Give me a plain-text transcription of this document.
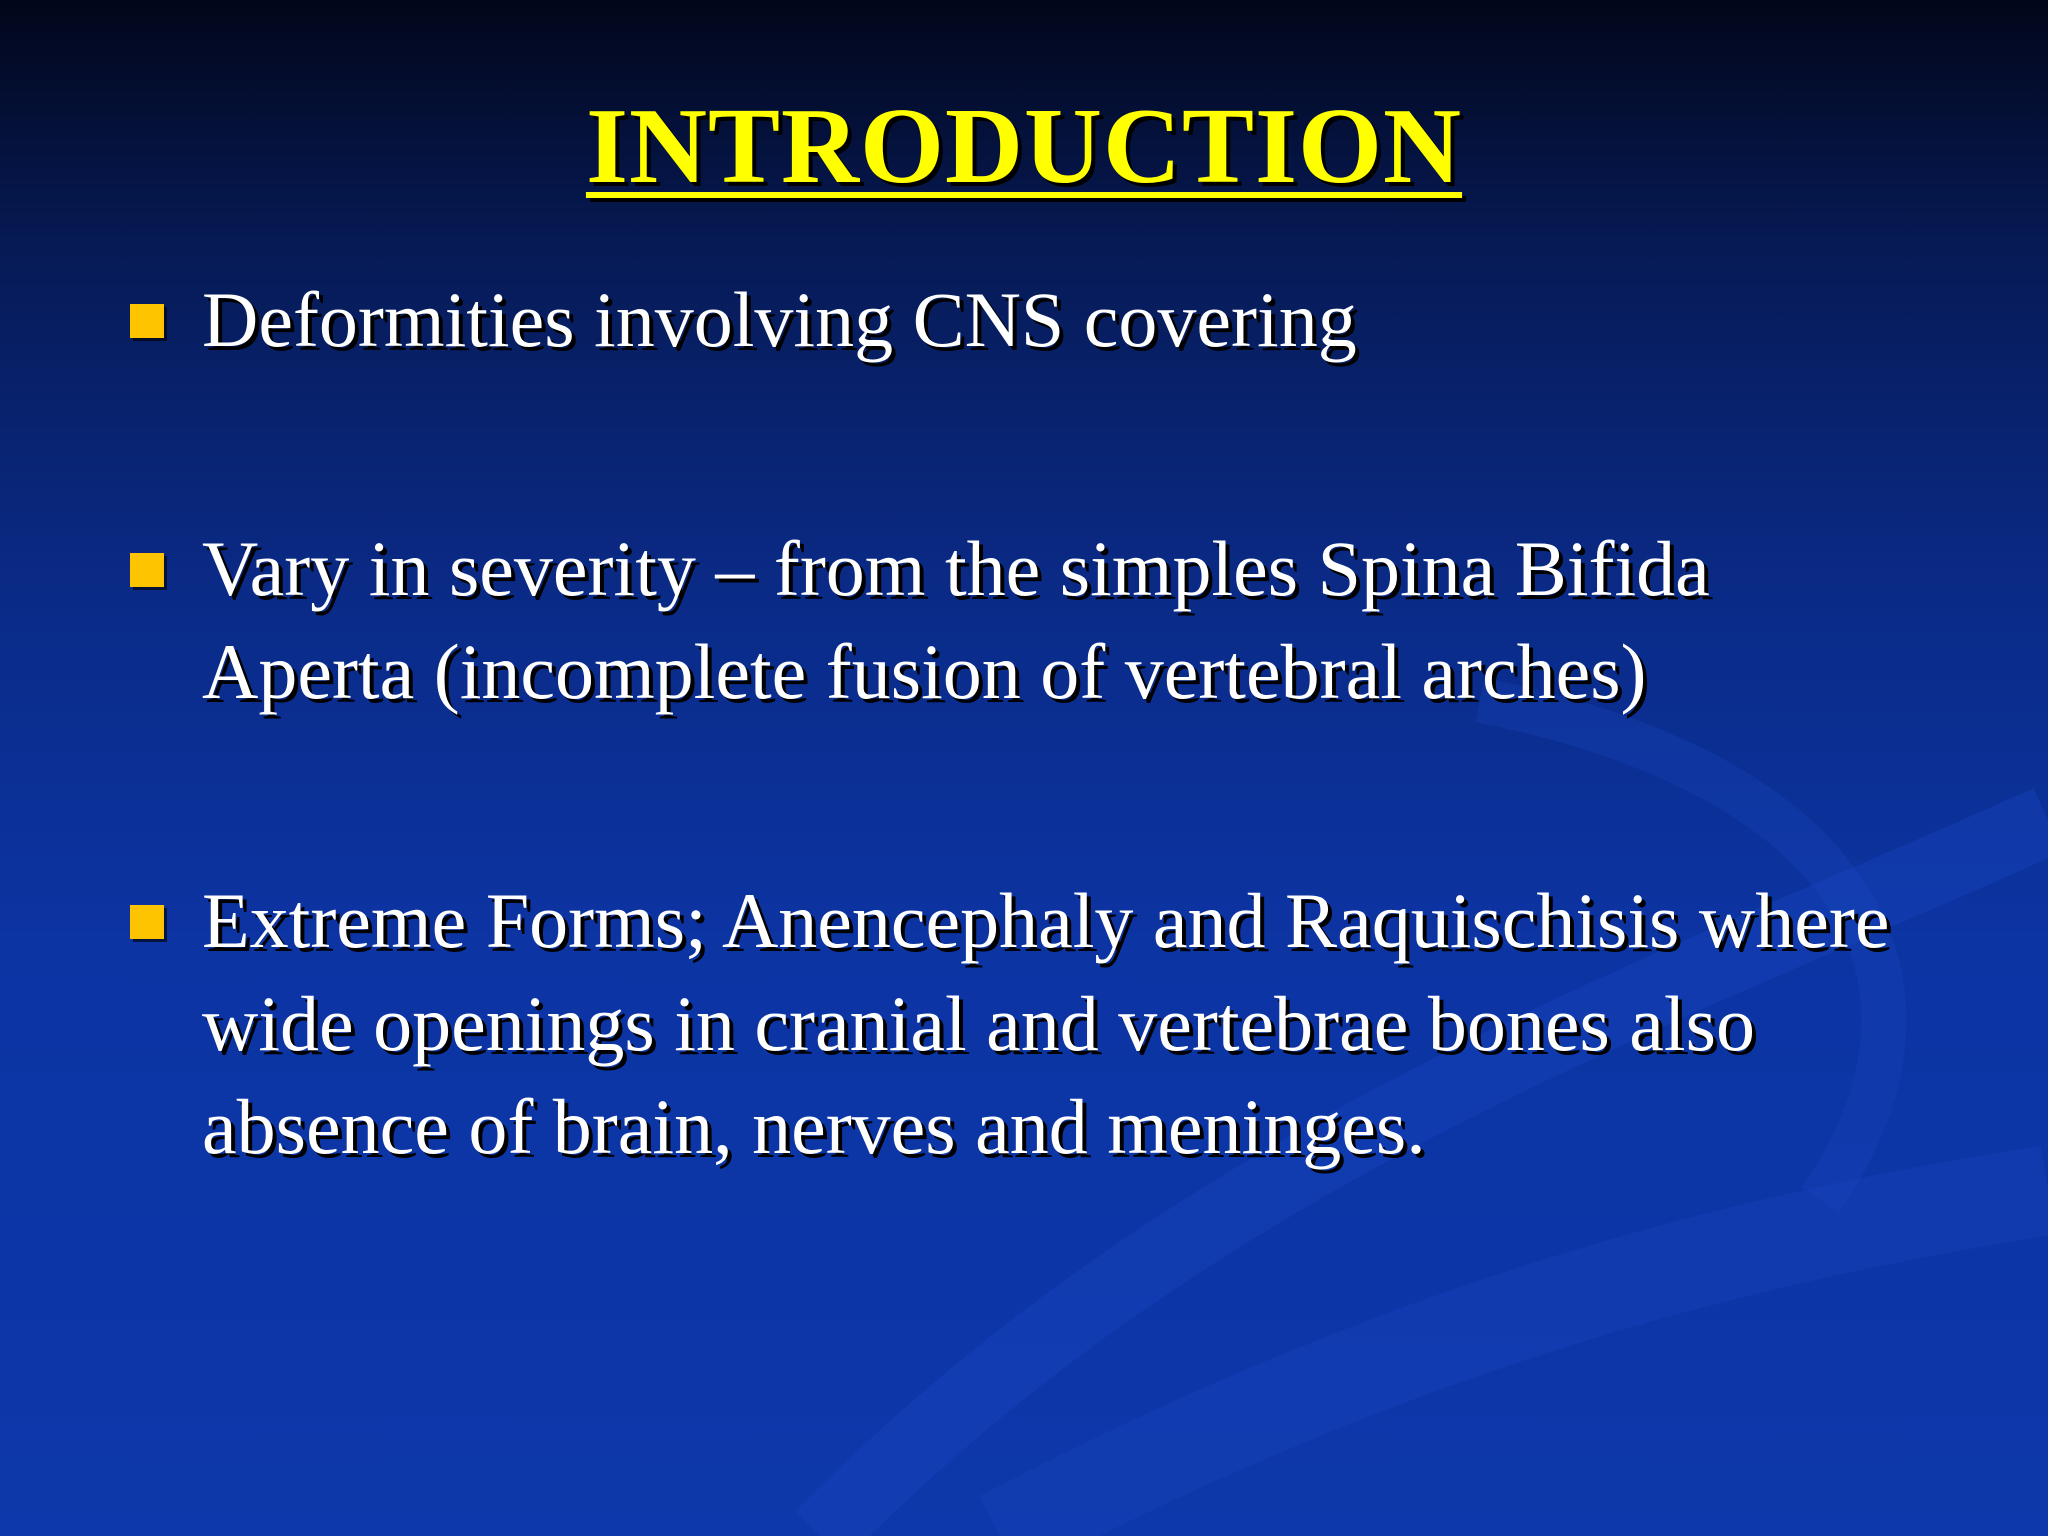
INTRODUCTION
Deformities involving CNS covering
Vary in severity – from the simples Spina Bifida Aperta (incomplete fusion of vertebral arches)
Extreme Forms; Anencephaly and Raquischisis where wide openings in cranial and vertebrae bones also absence of brain, nerves and meninges.
